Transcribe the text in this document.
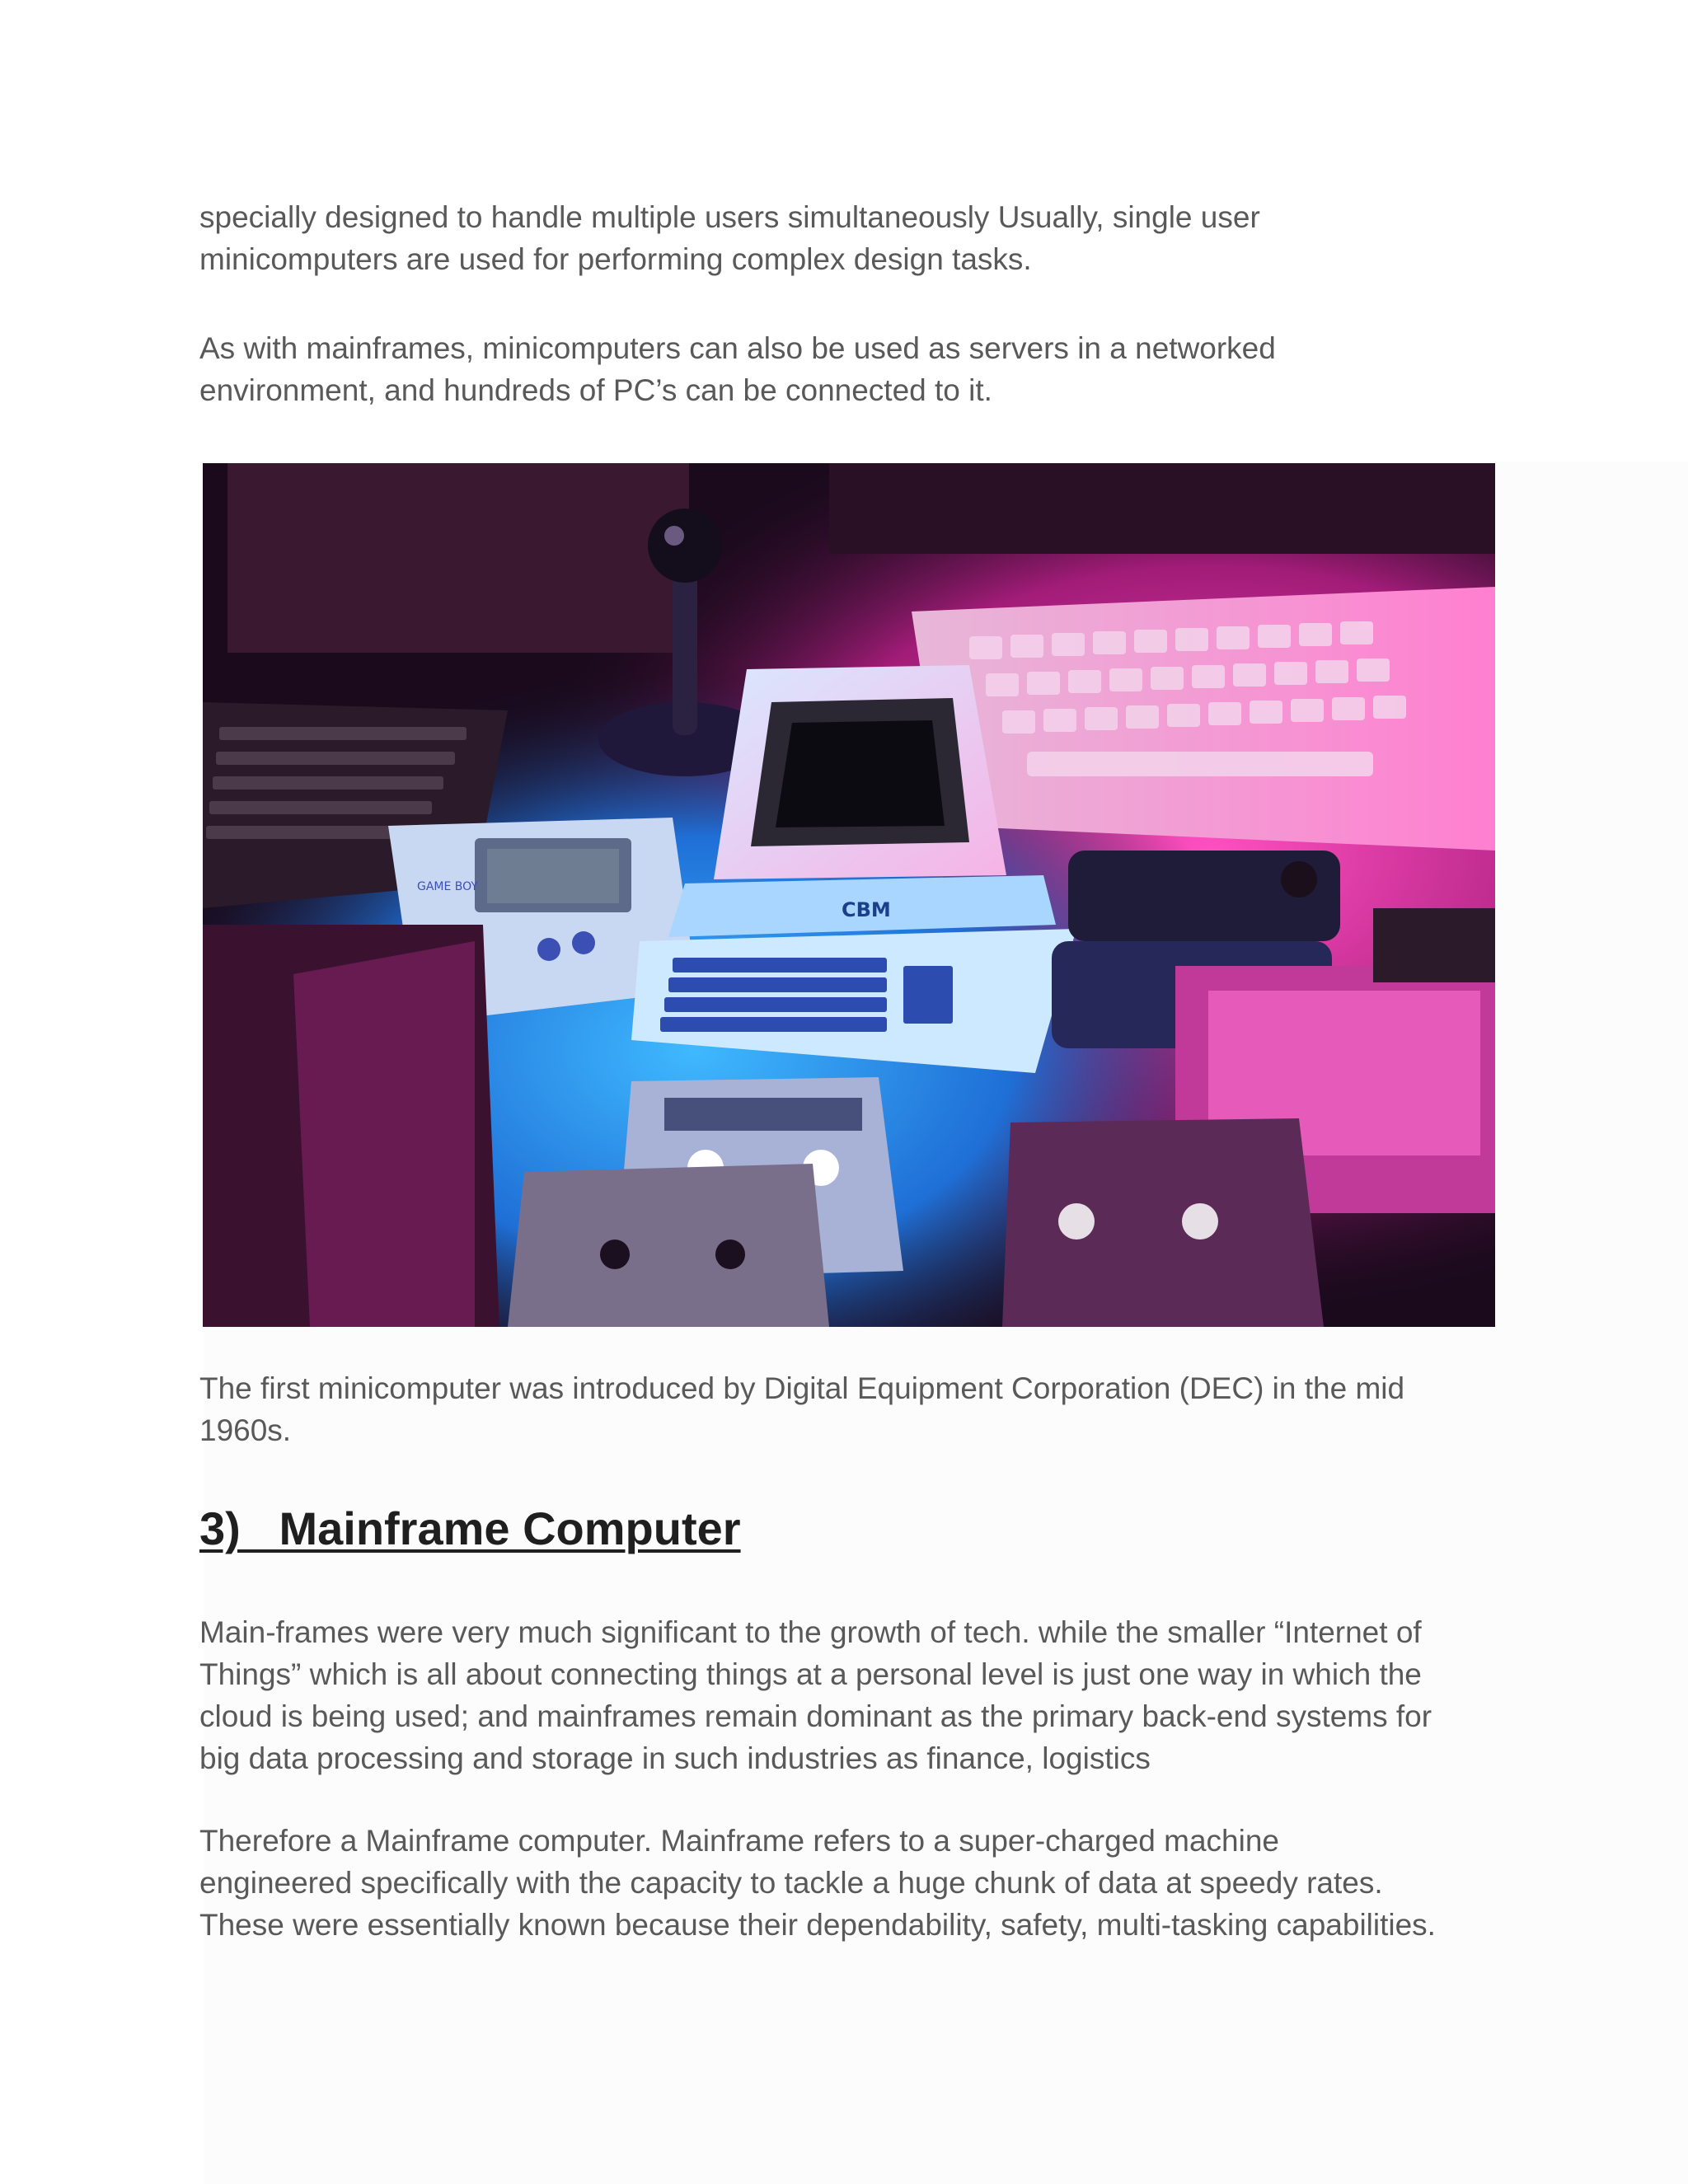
specially designed to handle multiple users simultaneously Usually, single user
minicomputers are used for performing complex design tasks.

As with mainframes, minicomputers can also be used as servers in a networked
environment, and hundreds of PC’s can be connected to it.

The first minicomputer was introduced by Digital Equipment Corporation (DEC) in the mid
1960s.

3)   Mainframe Computer

Main-frames were very much significant to the growth of tech. while the smaller “Internet of
Things” which is all about connecting things at a personal level is just one way in which the
cloud is being used; and mainframes remain dominant as the primary back-end systems for
big data processing and storage in such industries as finance, logistics

Therefore a Mainframe computer. Mainframe refers to a super-charged machine
engineered specifically with the capacity to tackle a huge chunk of data at speedy rates.
These were essentially known because their dependability, safety, multi-tasking capabilities.

GAME BOY
CBM
